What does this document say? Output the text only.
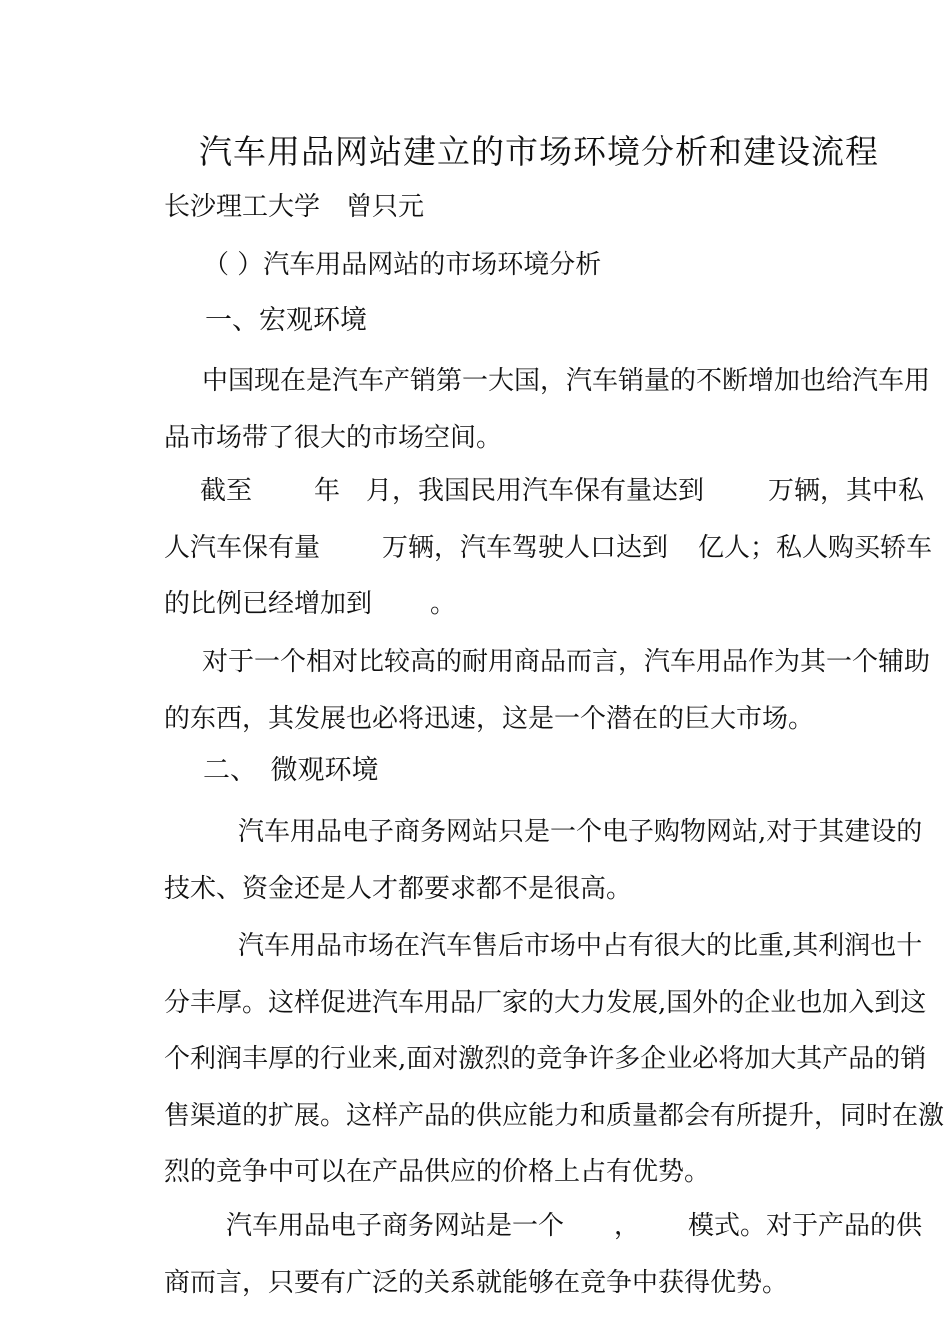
汽车用品网站建立的市场环境分析和建设流程
长沙理工大学　曾只元
（ ）汽车用品网站的市场环境分析
一、宏观环境
中国现在是汽车产销第一大国，汽车销量的不断增加也给汽车用
品市场带了很大的市场空间。
截至 年 月，我国民用汽车保有量达到 万辆，其中私
人汽车保有量 万辆，汽车驾驶人口达到 亿人；私人购买轿车
的比例已经增加到 。
对于一个相对比较高的耐用商品而言，汽车用品作为其一个辅助
的东西，其发展也必将迅速，这是一个潜在的巨大市场。
二、　微观环境
汽车用品电子商务网站只是一个电子购物网站,对于其建设的
技术、资金还是人才都要求都不是很高。
汽车用品市场在汽车售后市场中占有很大的比重,其利润也十
分丰厚。这样促进汽车用品厂家的大力发展,国外的企业也加入到这
个利润丰厚的行业来,面对激烈的竞争许多企业必将加大其产品的销
售渠道的扩展。这样产品的供应能力和质量都会有所提升，同时在激
烈的竞争中可以在产品供应的价格上占有优势。
汽车用品电子商务网站是一个 ， 模式。对于产品的供
商而言，只要有广泛的关系就能够在竞争中获得优势。
